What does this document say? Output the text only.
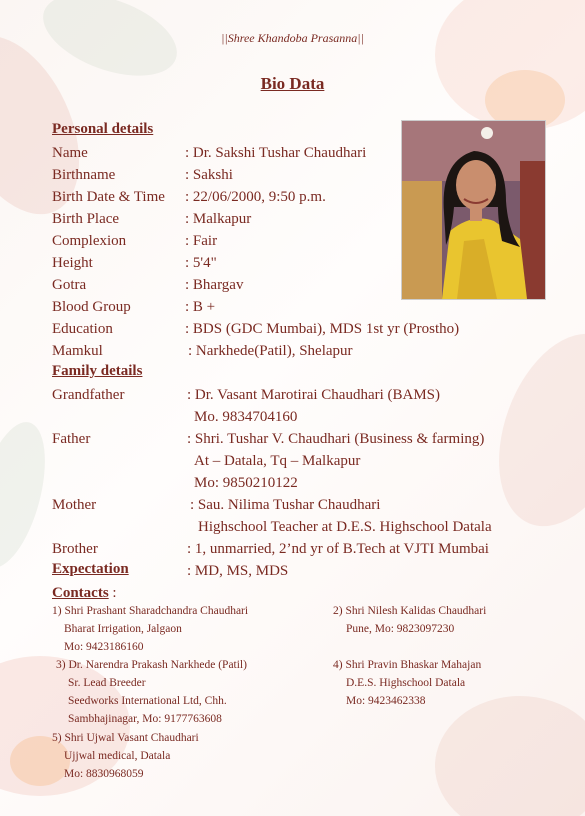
||Shree Khandoba Prasanna||
Bio Data
Personal details
Name	: Dr. Sakshi Tushar Chaudhari
Birthname	: Sakshi
Birth Date & Time : 22/06/2000, 9:50 p.m.
Birth Place	: Malkapur
Complexion	: Fair
Height	: 5'4"
Gotra	: Bhargav
Blood Group	: B +
Education	: BDS (GDC Mumbai), MDS 1st yr (Prostho)
Mamkul	: Narkhede(Patil), Shelapur
Family details
Grandfather	: Dr. Vasant Marotirai Chaudhari (BAMS)
Mo. 9834704160
Father	: Shri. Tushar V. Chaudhari (Business & farming)
At – Datala, Tq – Malkapur
Mo: 9850210122
Mother	: Sau. Nilima Tushar Chaudhari
Highschool Teacher at D.E.S. Highschool Datala
Brother	: 1, unmarried, 2’nd yr of B.Tech at VJTI Mumbai
Expectation	: MD, MS, MDS
Contacts :
1) Shri Prashant Sharadchandra Chaudhari
Bharat Irrigation, Jalgaon
Mo: 9423186160
2) Shri Nilesh Kalidas Chaudhari
Pune, Mo: 9823097230
3) Dr. Narendra Prakash Narkhede (Patil)
Sr. Lead Breeder
Seedworks International Ltd, Chh.
Sambhajinagar, Mo: 9177763608
4) Shri Pravin Bhaskar Mahajan
D.E.S. Highschool Datala
Mo: 9423462338
5) Shri Ujwal Vasant Chaudhari
Ujjwal medical, Datala
Mo: 8830968059
